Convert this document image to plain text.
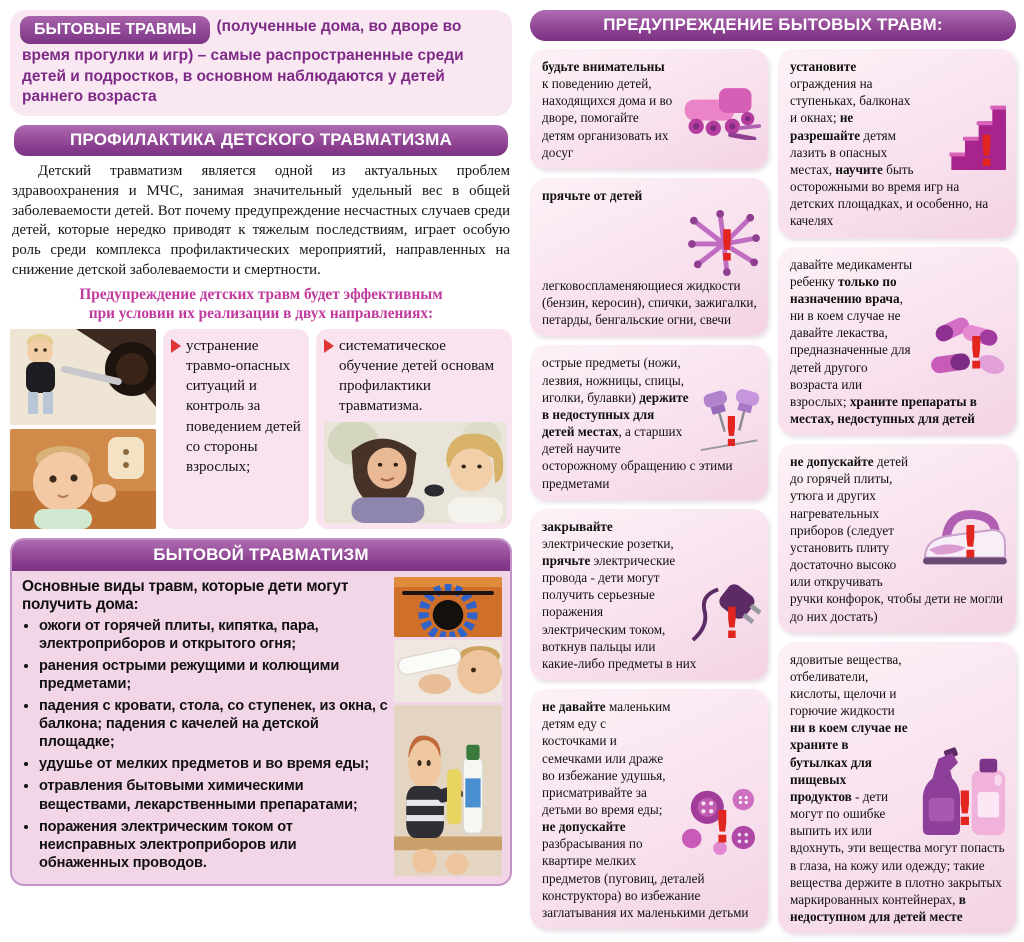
БЫТОВЫЕ ТРАВМЫ (полученные дома, во дворе во время прогулки и игр) – самые распространенные среди детей и подростков, в основном наблюдаются у детей раннего возраста
ПРОФИЛАКТИКА ДЕТСКОГО ТРАВМАТИЗМА
Детский травматизм является одной из актуальных проблем здравоохранения и МЧС, занимая значительный удельный вес в общей заболеваемости детей. Вот почему предупреждение несчастных случаев среди детей, которые нередко приводят к тяжелым последствиям, играет особую роль среди комплекса профилактических мероприятий, направленных на снижение детской заболеваемости и смертности.
Предупреждение детских травм будет эффективным
при условии их реализации в двух направлениях:
устранение травмо-опасных ситуаций и контроль за поведением детей со стороны взрослых;
систематическое обучение детей основам профилактики травматизма.
БЫТОВОЙ ТРАВМАТИЗМ
Основные виды травм, которые дети могут получить дома:
• ожоги от горячей плиты, кипятка, пара, электроприборов и открытого огня;
• ранения острыми режущими и колющими предметами;
• падения с кровати, стола, со ступенек, из окна, с балкона; падения с качелей на детской площадке;
• удушье от мелких предметов и во время еды;
• отравления бытовыми химическими веществами, лекарственными препаратами;
• поражения электрическим током от неисправных электроприборов или обнаженных проводов.
ПРЕДУПРЕЖДЕНИЕ БЫТОВЫХ ТРАВМ:
будьте внимательны к поведению детей, находящихся дома и во дворе, помогайте детям организовать их досуг
!
прячьте от детей легковоспламеняющиеся жидкости (бензин, керосин), спички, зажигалки, петарды, бенгальские огни, свечи
!
острые предметы (ножи, лезвия, ножницы, спицы, иголки, булавки) держите в недоступных для детей местах, а старших детей научите осторожному обращению с этими предметами
!
закрывайте электрические розетки, прячьте электрические провода - дети могут получить серьезные поражения электрическим током, воткнув пальцы или какие-либо предметы в них
!
не давайте маленьким детям еду с косточками и семечками или драже во избежание удушья, присматривайте за детьми во время еды; не допускайте разбрасывания по квартире мелких предметов (пуговиц, деталей конструктора) во избежание заглатывания их маленькими детьми
!
установите ограждения на ступеньках, балконах и окнах; не разрешайте детям лазить в опасных местах, научите быть осторожными во время игр на детских площадках, и особенно, на качелях
!
давайте медикаменты ребенку только по назначению врача, ни в коем случае не давайте лекаства, предназначенные для детей другого возраста или взрослых; храните препараты в местах, недоступных для детей
!
не допускайте детей до горячей плиты, утюга и других нагревательных приборов (следует установить плиту достаточно высоко или откручивать ручки конфорок, чтобы дети не могли до них достать)
!
ядовитые вещества, отбеливатели, кислоты, щелочи и горючие жидкости ни в коем случае не храните в бутылках для пищевых продуктов - дети могут по ошибке выпить их или вдохнуть, эти вещества могут попасть в глаза, на кожу или одежду; такие вещества держите в плотно закрытых маркированных контейнерах, в недоступном для детей месте
